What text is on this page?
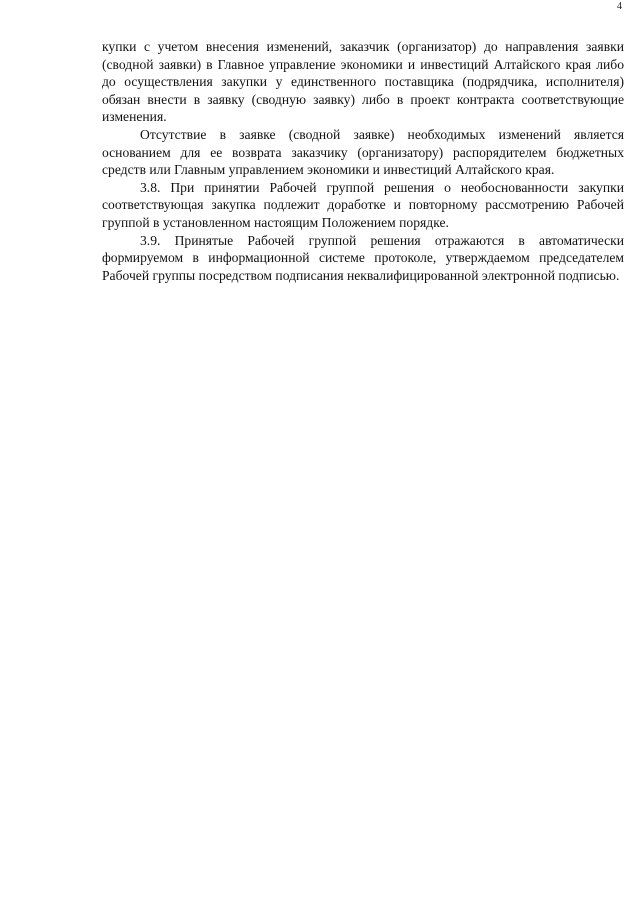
4

купки с учетом внесения изменений, заказчик (организатор) до направления заявки (сводной заявки) в Главное управление экономики и инвестиций Алтайского края либо до осуществления закупки у единственного поставщика (подрядчика, исполнителя) обязан внести в заявку (сводную заявку) либо в проект контракта соответствующие изменения.

Отсутствие в заявке (сводной заявке) необходимых изменений является основанием для ее возврата заказчику (организатору) распорядителем бюджетных средств или Главным управлением экономики и инвестиций Алтайского края.

3.8. При принятии Рабочей группой решения о необоснованности закупки соответствующая закупка подлежит доработке и повторному рассмотрению Рабочей группой в установленном настоящим Положением порядке.

3.9. Принятые Рабочей группой решения отражаются в автоматически формируемом в информационной системе протоколе, утверждаемом председателем Рабочей группы посредством подписания неквалифицированной электронной подписью.
